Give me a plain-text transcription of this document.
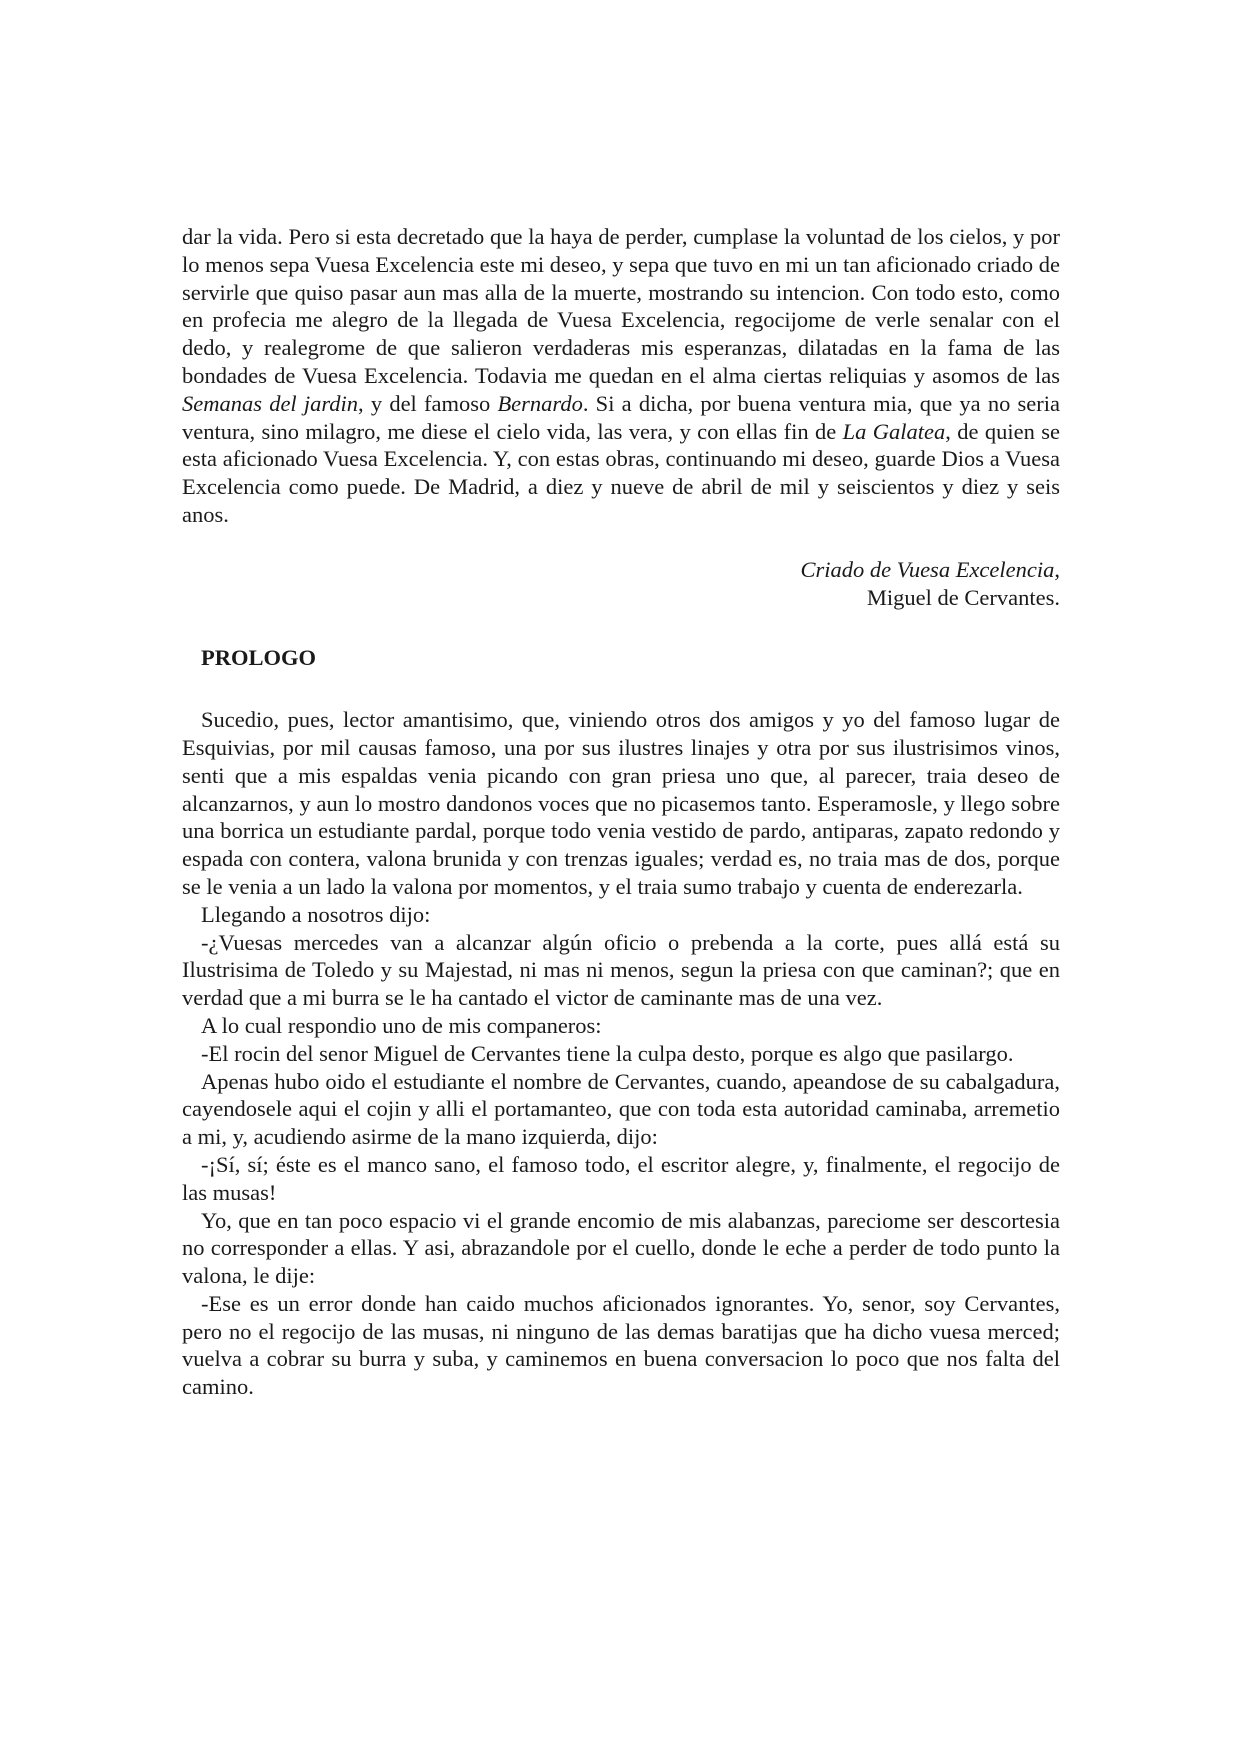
dar la vida. Pero si esta decretado que la haya de perder, cumplase la voluntad de los cielos, y por lo menos sepa Vuesa Excelencia este mi deseo, y sepa que tuvo en mi un tan aficionado criado de servirle que quiso pasar aun mas alla de la muerte, mostrando su intencion. Con todo esto, como en profecia me alegro de la llegada de Vuesa Excelencia, regocijome de verle senalar con el dedo, y realegrome de que salieron verdaderas mis esperanzas, dilatadas en la fama de las bondades de Vuesa Excelencia. Todavia me quedan en el alma ciertas reliquias y asomos de las Semanas del jardin, y del famoso Bernardo. Si a dicha, por buena ventura mia, que ya no seria ventura, sino milagro, me diese el cielo vida, las vera, y con ellas fin de La Galatea, de quien se esta aficionado Vuesa Excelencia. Y, con estas obras, continuando mi deseo, guarde Dios a Vuesa Excelencia como puede. De Madrid, a diez y nueve de abril de mil y seiscientos y diez y seis anos.

Criado de Vuesa Excelencia,
Miguel de Cervantes.
PROLOGO

Sucedio, pues, lector amantisimo, que, viniendo otros dos amigos y yo del famoso lugar de Esquivias, por mil causas famoso, una por sus ilustres linajes y otra por sus ilustrisimos vinos, senti que a mis espaldas venia picando con gran priesa uno que, al parecer, traia deseo de alcanzarnos, y aun lo mostro dandonos voces que no picasemos tanto. Esperamosle, y llego sobre una borrica un estudiante pardal, porque todo venia vestido de pardo, antiparas, zapato redondo y espada con contera, valona brunida y con trenzas iguales; verdad es, no traia mas de dos, porque se le venia a un lado la valona por momentos, y el traia sumo trabajo y cuenta de enderezarla.

Llegando a nosotros dijo:

-¿Vuesas mercedes van a alcanzar algún oficio o prebenda a la corte, pues allá está su Ilustrisima de Toledo y su Majestad, ni mas ni menos, segun la priesa con que caminan?; que en verdad que a mi burra se le ha cantado el victor de caminante mas de una vez.

A lo cual respondio uno de mis companeros:

-El rocin del senor Miguel de Cervantes tiene la culpa desto, porque es algo que pasilargo.

Apenas hubo oido el estudiante el nombre de Cervantes, cuando, apeandose de su cabalgadura, cayendosele aqui el cojin y alli el portamanteo, que con toda esta autoridad caminaba, arremetio a mi, y, acudiendo asirme de la mano izquierda, dijo:

-¡Sí, sí; éste es el manco sano, el famoso todo, el escritor alegre, y, finalmente, el regocijo de las musas!

Yo, que en tan poco espacio vi el grande encomio de mis alabanzas, pareciome ser descortesia no corresponder a ellas. Y asi, abrazandole por el cuello, donde le eche a perder de todo punto la valona, le dije:

-Ese es un error donde han caido muchos aficionados ignorantes. Yo, senor, soy Cervantes, pero no el regocijo de las musas, ni ninguno de las demas baratijas que ha dicho vuesa merced; vuelva a cobrar su burra y suba, y caminemos en buena conversacion lo poco que nos falta del camino.
